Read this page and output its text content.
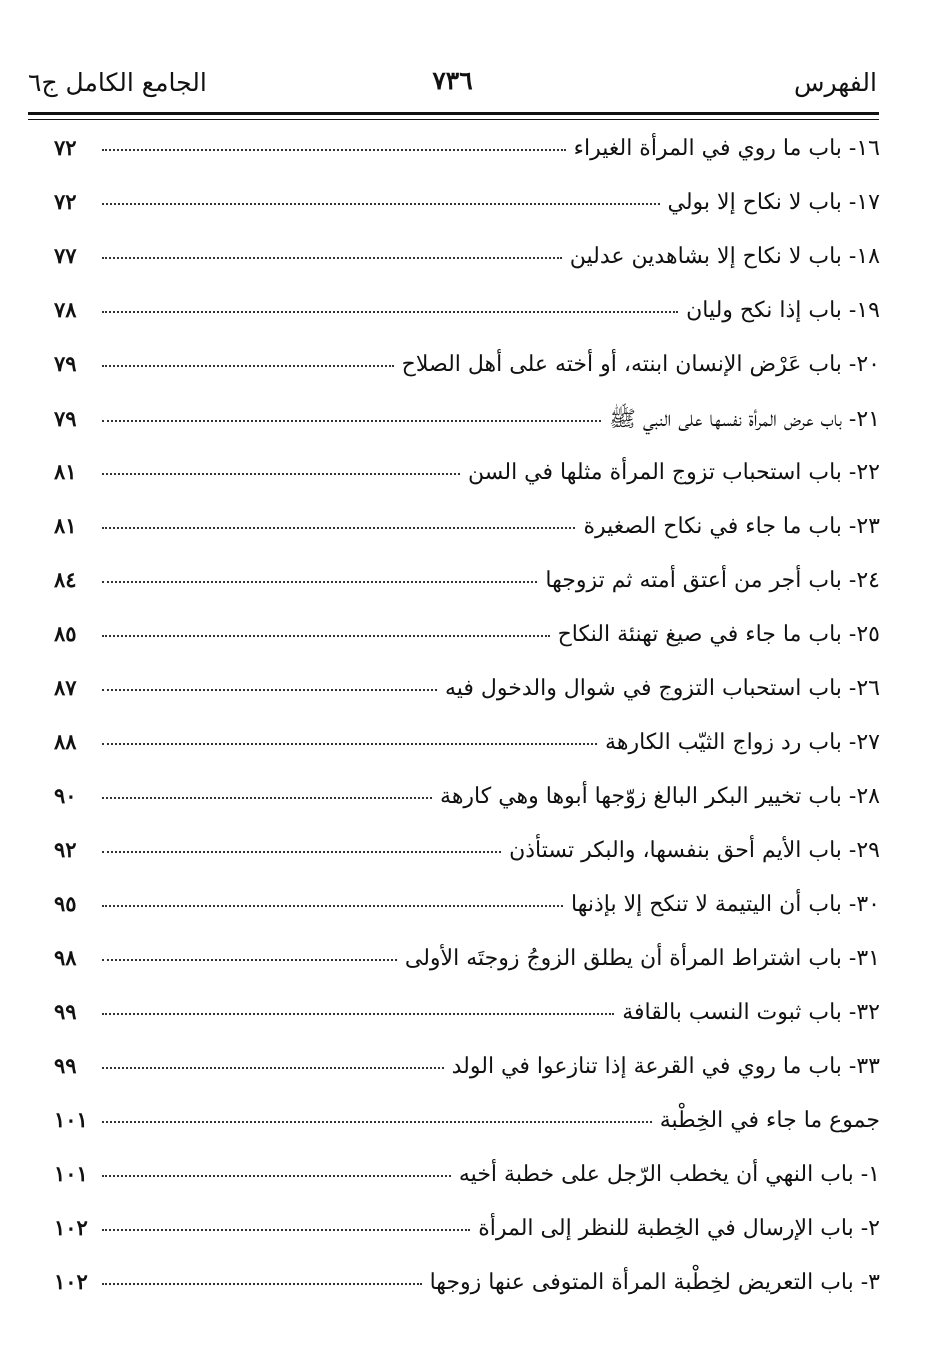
الفهرس
٧٣٦
الجامع الكامل ج٦
١٦- باب ما روي في المرأة الغيراء
٧٢
١٧- باب لا نكاح إلا بولي
٧٢
١٨- باب لا نكاح إلا بشاهدين عدلين
٧٧
١٩- باب إذا نكح وليان
٧٨
٢٠- باب عَرْض الإنسان ابنته، أو أخته على أهل الصلاح
٧٩
٢١- باب عرض المرأة نفسها على النبي ﷺ
٧٩
٢٢- باب استحباب تزوج المرأة مثلها في السن
٨١
٢٣- باب ما جاء في نكاح الصغيرة
٨١
٢٤- باب أجر من أعتق أمته ثم تزوجها
٨٤
٢٥- باب ما جاء في صيغ تهنئة النكاح
٨٥
٢٦- باب استحباب التزوج في شوال والدخول فيه
٨٧
٢٧- باب رد زواج الثيّب الكارهة
٨٨
٢٨- باب تخيير البكر البالغ زوّجها أبوها وهي كارهة
٩٠
٢٩- باب الأيم أحق بنفسها، والبكر تستأذن
٩٢
٣٠- باب أن اليتيمة لا تنكح إلا بإذنها
٩٥
٣١- باب اشتراط المرأة أن يطلق الزوجُ زوجتَه الأولى
٩٨
٣٢- باب ثبوت النسب بالقافة
٩٩
٣٣- باب ما روي في القرعة إذا تنازعوا في الولد
٩٩
جموع ما جاء في الخِطْبة
١٠١
١- باب النهي أن يخطب الرّجل على خطبة أخيه
١٠١
٢- باب الإرسال في الخِطبة للنظر إلى المرأة
١٠٢
٣- باب التعريض لخِطْبة المرأة المتوفى عنها زوجها
١٠٢
